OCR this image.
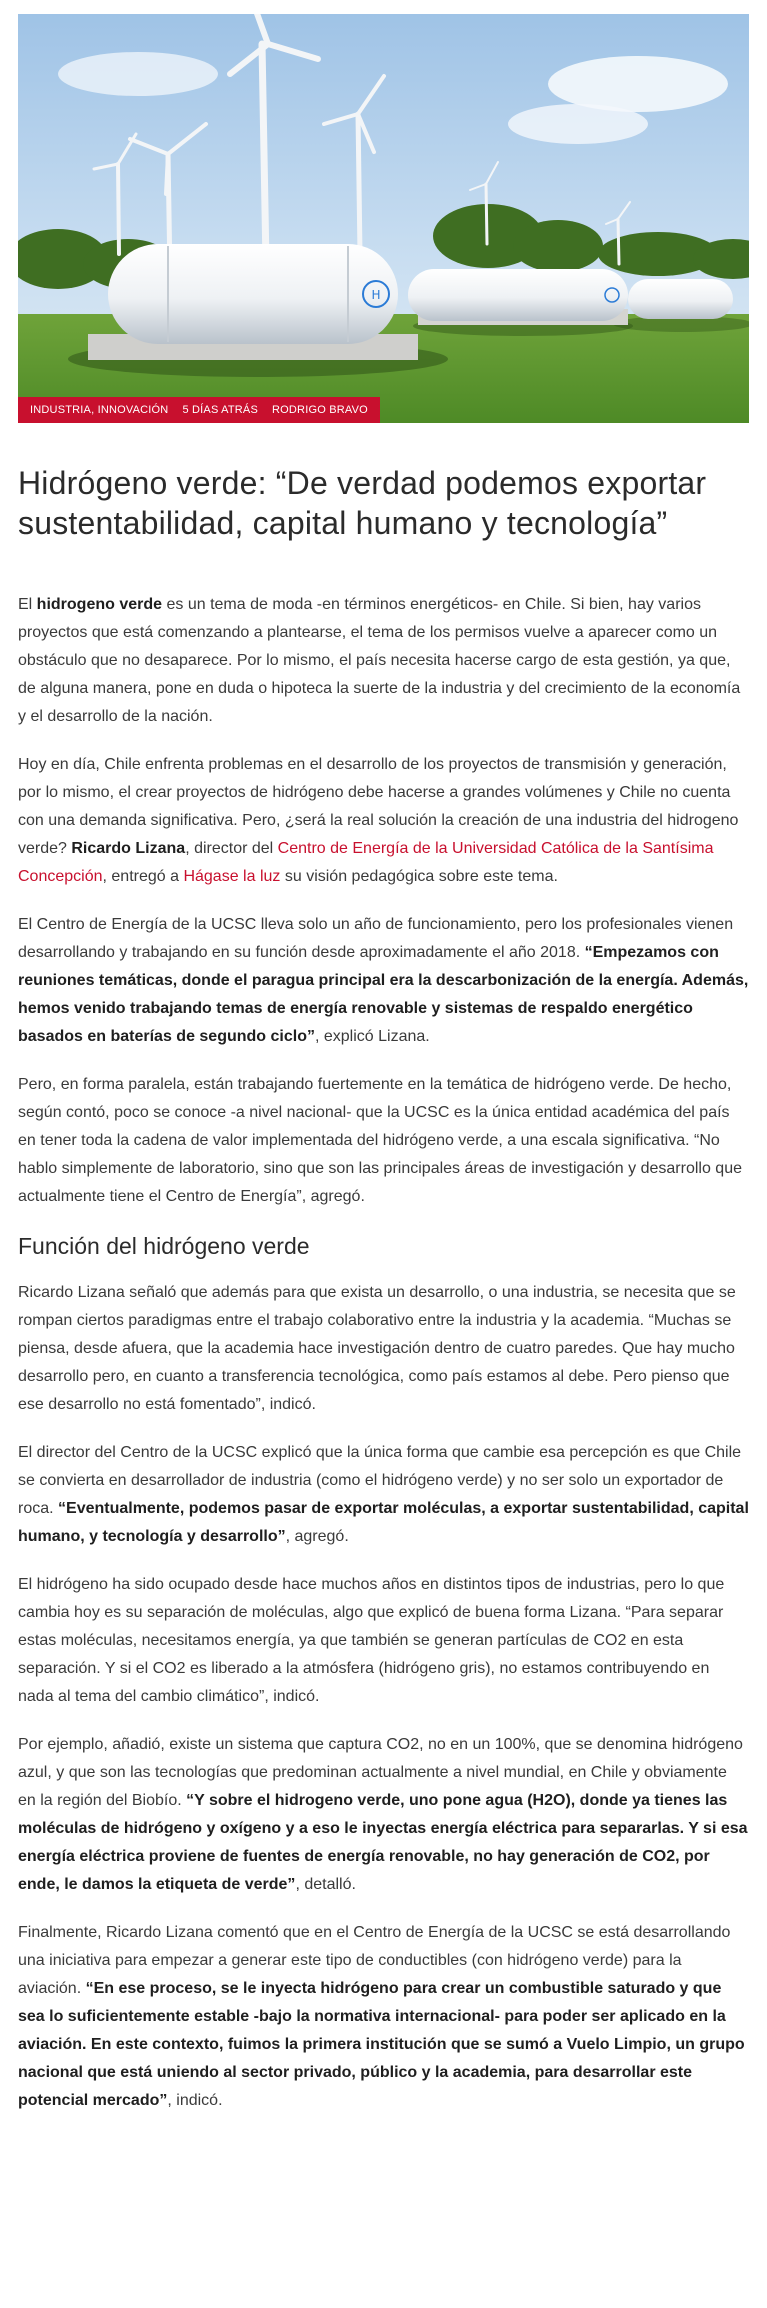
H
INDUSTRIA, INNOVACIÓN 5 DÍAS ATRÁS RODRIGO BRAVO
Hidrógeno verde: “De verdad podemos exportar sustentabilidad, capital humano y tecnología”

El hidrogeno verde es un tema de moda -en términos energéticos- en Chile. Si bien, hay varios proyectos que está comenzando a plantearse, el tema de los permisos vuelve a aparecer como un obstáculo que no desaparece. Por lo mismo, el país necesita hacerse cargo de esta gestión, ya que, de alguna manera, pone en duda o hipoteca la suerte de la industria y del crecimiento de la economía y el desarrollo de la nación.

Hoy en día, Chile enfrenta problemas en el desarrollo de los proyectos de transmisión y generación, por lo mismo, el crear proyectos de hidrógeno debe hacerse a grandes volúmenes y Chile no cuenta con una demanda significativa. Pero, ¿será la real solución la creación de una industria del hidrogeno verde? Ricardo Lizana, director del Centro de Energía de la Universidad Católica de la Santísima Concepción, entregó a Hágase la luz su visión pedagógica sobre este tema.

El Centro de Energía de la UCSC lleva solo un año de funcionamiento, pero los profesionales vienen desarrollando y trabajando en su función desde aproximadamente el año 2018. “Empezamos con reuniones temáticas, donde el paragua principal era la descarbonización de la energía. Además, hemos venido trabajando temas de energía renovable y sistemas de respaldo energético basados en baterías de segundo ciclo”, explicó Lizana.

Pero, en forma paralela, están trabajando fuertemente en la temática de hidrógeno verde. De hecho, según contó, poco se conoce -a nivel nacional- que la UCSC es la única entidad académica del país en tener toda la cadena de valor implementada del hidrógeno verde, a una escala significativa. “No hablo simplemente de laboratorio, sino que son las principales áreas de investigación y desarrollo que actualmente tiene el Centro de Energía”, agregó.

Función del hidrógeno verde

Ricardo Lizana señaló que además para que exista un desarrollo, o una industria, se necesita que se rompan ciertos paradigmas entre el trabajo colaborativo entre la industria y la academia. “Muchas se piensa, desde afuera, que la academia hace investigación dentro de cuatro paredes. Que hay mucho desarrollo pero, en cuanto a transferencia tecnológica, como país estamos al debe. Pero pienso que ese desarrollo no está fomentado”, indicó.

El director del Centro de la UCSC explicó que la única forma que cambie esa percepción es que Chile se convierta en desarrollador de industria (como el hidrógeno verde) y no ser solo un exportador de roca. “Eventualmente, podemos pasar de exportar moléculas, a exportar sustentabilidad, capital humano, y tecnología y desarrollo”, agregó.

El hidrógeno ha sido ocupado desde hace muchos años en distintos tipos de industrias, pero lo que cambia hoy es su separación de moléculas, algo que explicó de buena forma Lizana. “Para separar estas moléculas, necesitamos energía, ya que también se generan partículas de CO2 en esta separación. Y si el CO2 es liberado a la atmósfera (hidrógeno gris), no estamos contribuyendo en nada al tema del cambio climático”, indicó.

Por ejemplo, añadió, existe un sistema que captura CO2, no en un 100%, que se denomina hidrógeno azul, y que son las tecnologías que predominan actualmente a nivel mundial, en Chile y obviamente en la región del Biobío. “Y sobre el hidrogeno verde, uno pone agua (H2O), donde ya tienes las moléculas de hidrógeno y oxígeno y a eso le inyectas energía eléctrica para separarlas. Y si esa energía eléctrica proviene de fuentes de energía renovable, no hay generación de CO2, por ende, le damos la etiqueta de verde”, detalló.

Finalmente, Ricardo Lizana comentó que en el Centro de Energía de la UCSC se está desarrollando una iniciativa para empezar a generar este tipo de conductibles (con hidrógeno verde) para la aviación. “En ese proceso, se le inyecta hidrógeno para crear un combustible saturado y que sea lo suficientemente estable -bajo la normativa internacional- para poder ser aplicado en la aviación. En este contexto, fuimos la primera institución que se sumó a Vuelo Limpio, un grupo nacional que está uniendo al sector privado, público y la academia, para desarrollar este potencial mercado”, indicó.
